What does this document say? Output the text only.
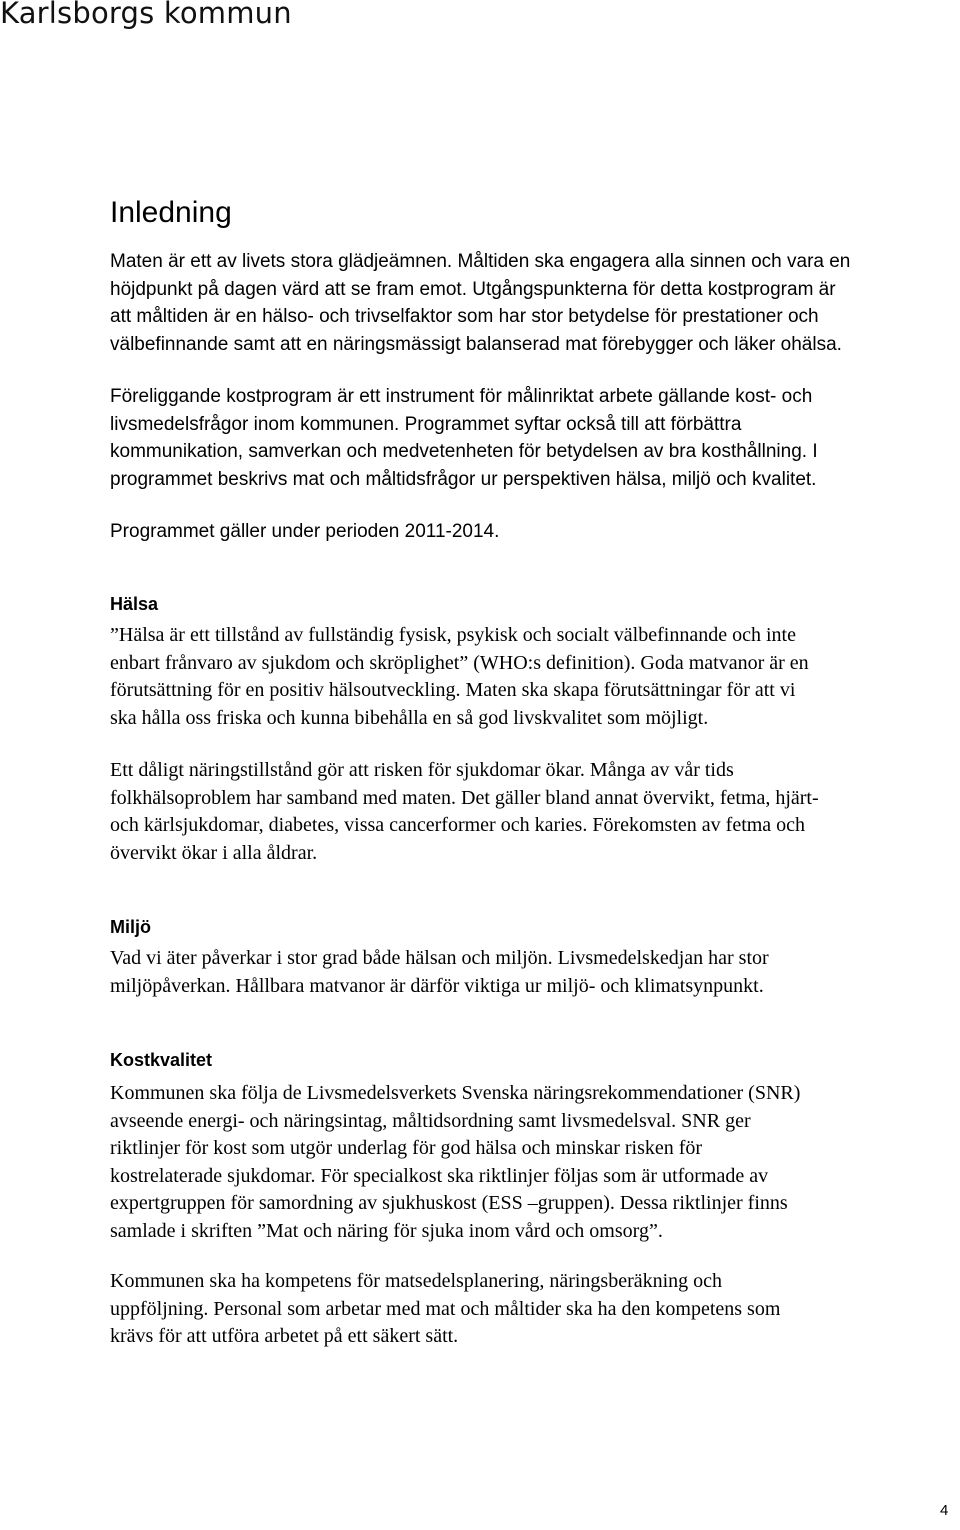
Karlsborgs kommun
Inledning

Maten är ett av livets stora glädjeämnen. Måltiden ska engagera alla sinnen och vara en
höjdpunkt på dagen värd att se fram emot. Utgångspunkterna för detta kostprogram är
att måltiden är en hälso- och trivselfaktor som har stor betydelse för prestationer och
välbefinnande samt att en näringsmässigt balanserad mat förebygger och läker ohälsa.

Föreliggande kostprogram är ett instrument för målinriktat arbete gällande kost- och
livsmedelsfrågor inom kommunen. Programmet syftar också till att förbättra
kommunikation, samverkan och medvetenheten för betydelsen av bra kosthållning. I
programmet beskrivs mat och måltidsfrågor ur perspektiven hälsa, miljö och kvalitet.

Programmet gäller under perioden 2011-2014.

Hälsa

”Hälsa är ett tillstånd av fullständig fysisk, psykisk och socialt välbefinnande och inte
enbart frånvaro av sjukdom och skröplighet” (WHO:s definition). Goda matvanor är en
förutsättning för en positiv hälsoutveckling. Maten ska skapa förutsättningar för att vi
ska hålla oss friska och kunna bibehålla en så god livskvalitet som möjligt.

Ett dåligt näringstillstånd gör att risken för sjukdomar ökar. Många av vår tids
folkhälsoproblem har samband med maten. Det gäller bland annat övervikt, fetma, hjärt-
och kärlsjukdomar, diabetes, vissa cancerformer och karies. Förekomsten av fetma och
övervikt ökar i alla åldrar.

Miljö

Vad vi äter påverkar i stor grad både hälsan och miljön. Livsmedelskedjan har stor
miljöpåverkan. Hållbara matvanor är därför viktiga ur miljö- och klimatsynpunkt.

Kostkvalitet

Kommunen ska följa de Livsmedelsverkets Svenska näringsrekommendationer (SNR)
avseende energi- och näringsintag, måltidsordning samt livsmedelsval. SNR ger
riktlinjer för kost som utgör underlag för god hälsa och minskar risken för
kostrelaterade sjukdomar. För specialkost ska riktlinjer följas som är utformade av
expertgruppen för samordning av sjukhuskost (ESS –gruppen). Dessa riktlinjer finns
samlade i skriften ”Mat och näring för sjuka inom vård och omsorg”.

Kommunen ska ha kompetens för matsedelsplanering, näringsberäkning och
uppföljning. Personal som arbetar med mat och måltider ska ha den kompetens som
krävs för att utföra arbetet på ett säkert sätt.

4
